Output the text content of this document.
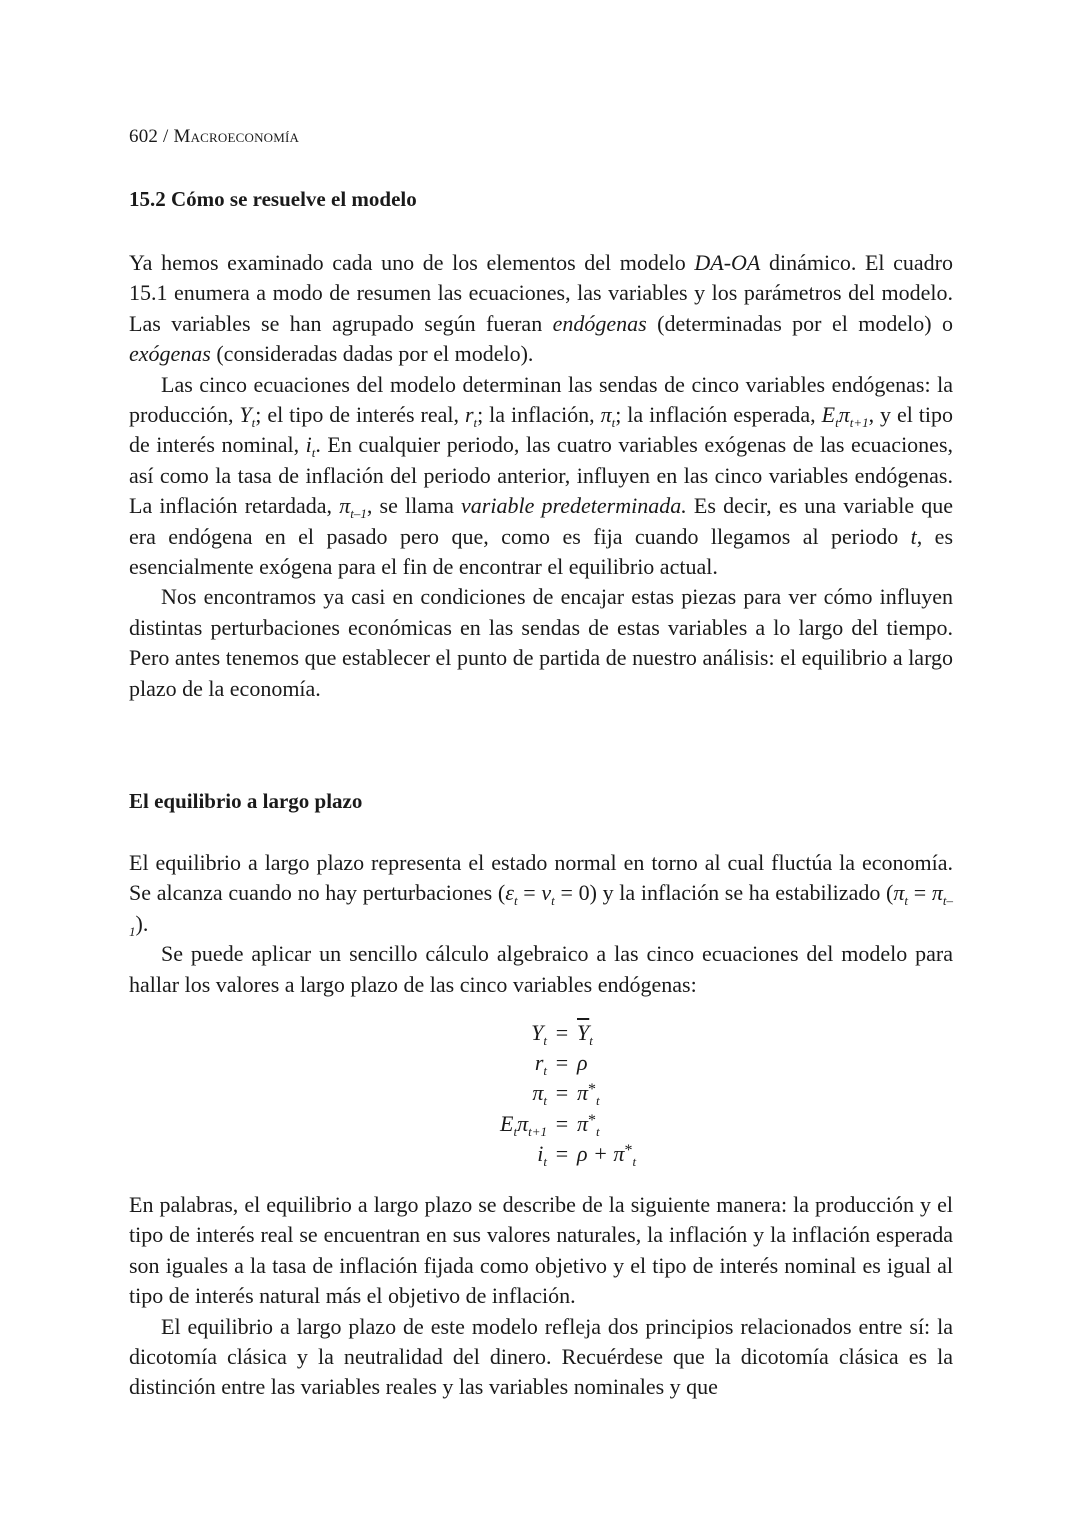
602 / Macroeconomía
15.2 Cómo se resuelve el modelo

Ya hemos examinado cada uno de los elementos del modelo DA-OA dinámico. El cuadro 15.1 enumera a modo de resumen las ecuaciones, las variables y los parámetros del modelo. Las variables se han agrupado según fueran endógenas (determinadas por el modelo) o exógenas (consideradas dadas por el modelo).

Las cinco ecuaciones del modelo determinan las sendas de cinco variables endógenas: la producción, $Y_t$; el tipo de interés real, $r_t$; la inflación, $\pi_t$; la inflación esperada, $E_t\pi_{t+1}$, y el tipo de interés nominal, $i_t$. En cualquier periodo, las cuatro variables exógenas de las ecuaciones, así como la tasa de inflación del periodo anterior, influyen en las cinco variables endógenas. La inflación retardada, $\pi_{t-1}$, se llama variable predeterminada. Es decir, es una variable que era endógena en el pasado pero que, como es fija cuando llegamos al periodo t, es esencialmente exógena para el fin de encontrar el equilibrio actual.

Nos encontramos ya casi en condiciones de encajar estas piezas para ver cómo influyen distintas perturbaciones económicas en las sendas de estas variables a lo largo del tiempo. Pero antes tenemos que establecer el punto de partida de nuestro análisis: el equilibrio a largo plazo de la economía.

El equilibrio a largo plazo

El equilibrio a largo plazo representa el estado normal en torno al cual fluctúa la economía. Se alcanza cuando no hay perturbaciones $(\varepsilon_t = v_t = 0)$ y la inflación se ha estabilizado $(\pi_t = \pi_{t-1})$.

Se puede aplicar un sencillo cálculo algebraico a las cinco ecuaciones del modelo para hallar los valores a largo plazo de las cinco variables endógenas:

$Y_t = \overline{Y}_t$
$r_t = \rho$
$\pi_t = \pi^*_t$
$E_t\pi_{t+1} = \pi^*_t$
$i_t = \rho + \pi^*_t$

En palabras, el equilibrio a largo plazo se describe de la siguiente manera: la producción y el tipo de interés real se encuentran en sus valores naturales, la inflación y la inflación esperada son iguales a la tasa de inflación fijada como objetivo y el tipo de interés nominal es igual al tipo de interés natural más el objetivo de inflación.

El equilibrio a largo plazo de este modelo refleja dos principios relacionados entre sí: la dicotomía clásica y la neutralidad del dinero. Recuérdese que la dicotomía clásica es la distinción entre las variables reales y las variables nominales y que
